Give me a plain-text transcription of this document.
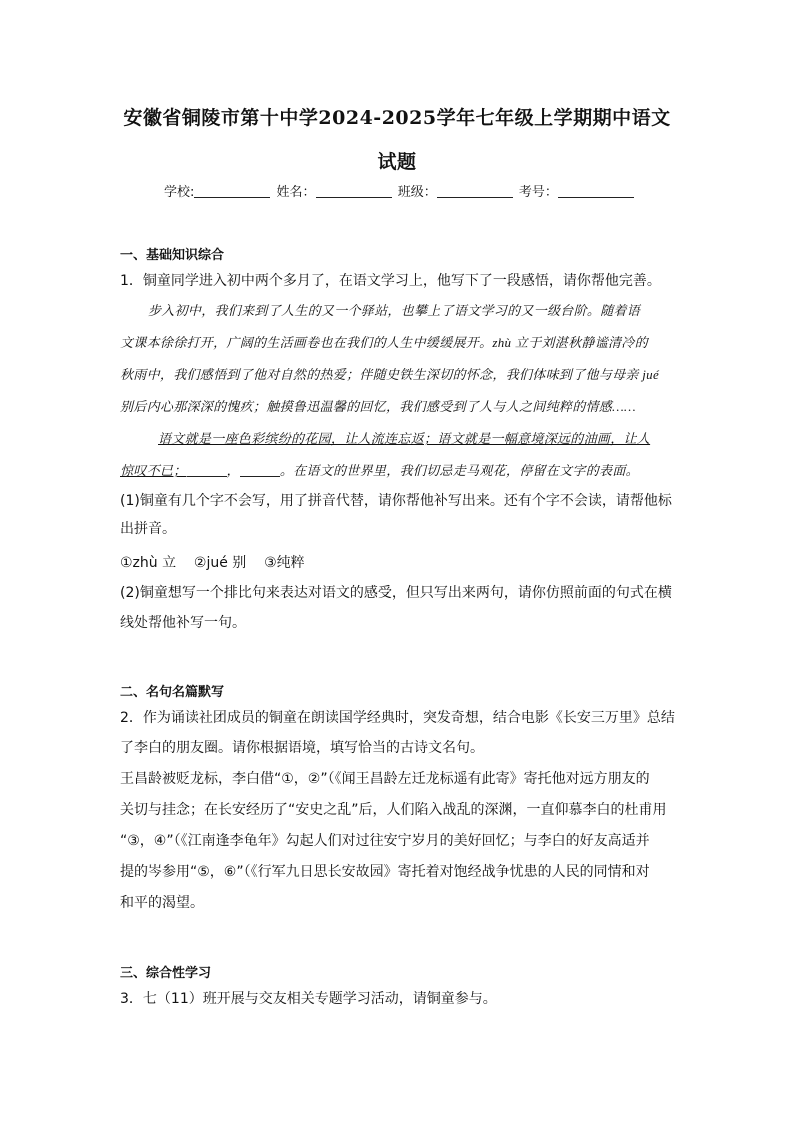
安徽省铜陵市第十中学2024-2025学年七年级上学期期中语文
试题
学校:	姓名：	班级：	考号：
一、基础知识综合
1．铜童同学进入初中两个多月了，在语文学习上，他写下了一段感悟，请你帮他完善。
步入初中，我们来到了人生的又一个驿站，也攀上了语文学习的又一级台阶。随着语
文课本徐徐打开，广阔的生活画卷也在我们的人生中缓缓展开。zhù 立于刘湛秋静谧清冷的
秋雨中，我们感悟到了他对自然的热爱；伴随史铁生深切的怀念，我们体味到了他与母亲 jué
别后内心那深深的愧疚；触摸鲁迅温馨的回忆，我们感受到了人与人之间纯粹的情感……
语文就是一座色彩缤纷的花园，让人流连忘返；语文就是一幅意境深远的油画，让人
惊叹不已；	，	。在语文的世界里，我们切忌走马观花，停留在文字的表面。
(1)铜童有几个字不会写，用了拼音代替，请你帮他补写出来。还有个字不会读，请帮他标
出拼音。
①zhù 立 ②jué 别 ③纯粹
(2)铜童想写一个排比句来表达对语文的感受，但只写出来两句，请你仿照前面的句式在横
线处帮他补写一句。
二、名句名篇默写
2．作为诵读社团成员的铜童在朗读国学经典时，突发奇想，结合电影《长安三万里》总结
了李白的朋友圈。请你根据语境，填写恰当的古诗文名句。
王昌龄被贬龙标，李白借“①，②”（《闻王昌龄左迁龙标遥有此寄》寄托他对远方朋友的
关切与挂念；在长安经历了“安史之乱”后，人们陷入战乱的深渊，一直仰慕李白的杜甫用
“③，④”（《江南逢李龟年》勾起人们对过往安宁岁月的美好回忆；与李白的好友高适并
提的岑参用“⑤，⑥”（《行军九日思长安故园》寄托着对饱经战争忧患的人民的同情和对
和平的渴望。
三、综合性学习
3．七（11）班开展与交友相关专题学习活动，请铜童参与。
